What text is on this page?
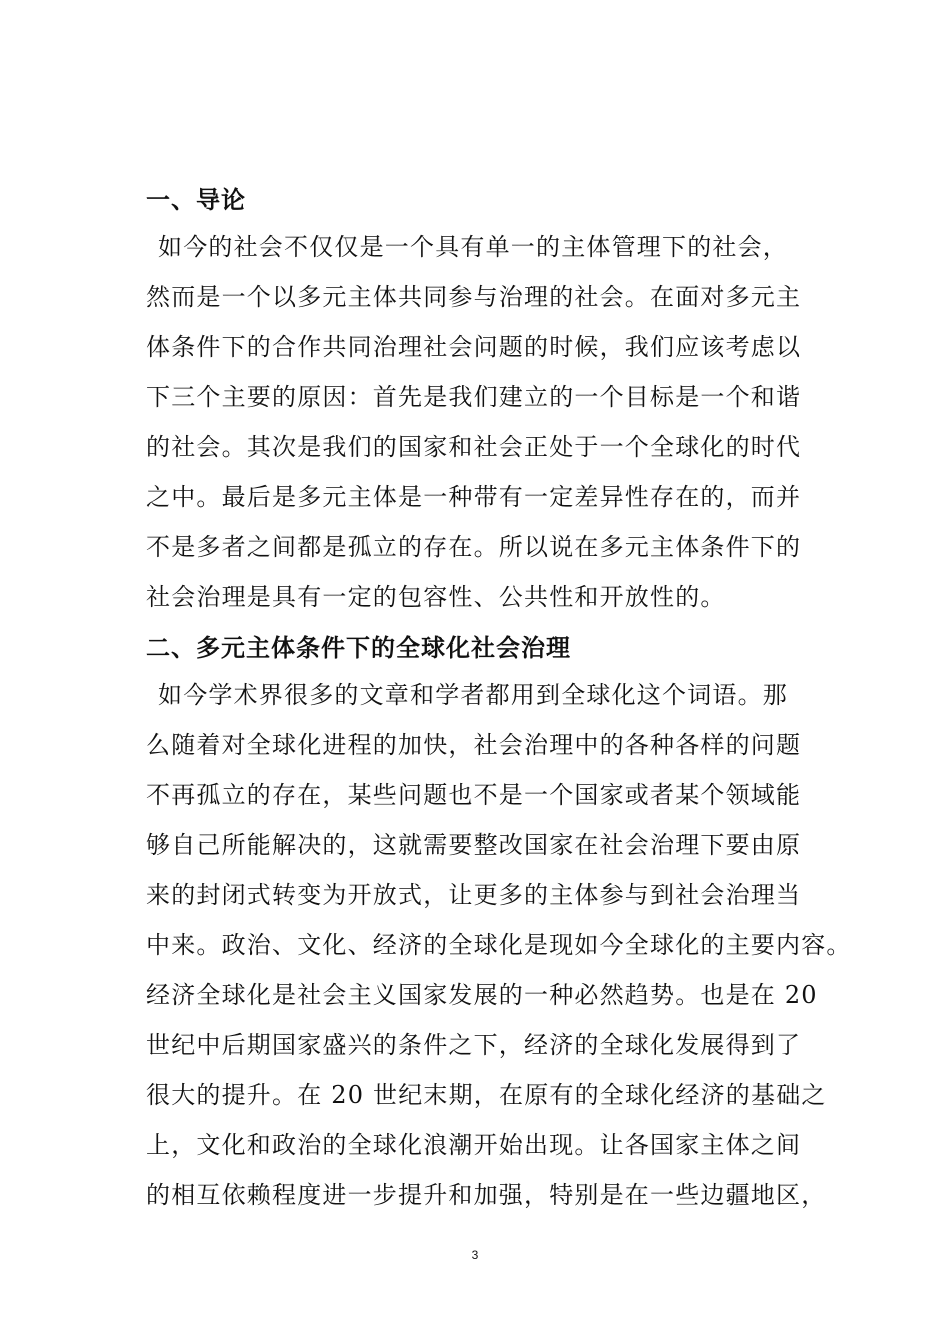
一、导论
如今的社会不仅仅是一个具有单一的主体管理下的社会，
然而是一个以多元主体共同参与治理的社会。在面对多元主
体条件下的合作共同治理社会问题的时候，我们应该考虑以
下三个主要的原因：首先是我们建立的一个目标是一个和谐
的社会。其次是我们的国家和社会正处于一个全球化的时代
之中。最后是多元主体是一种带有一定差异性存在的，而并
不是多者之间都是孤立的存在。所以说在多元主体条件下的
社会治理是具有一定的包容性、公共性和开放性的。
二、多元主体条件下的全球化社会治理
如今学术界很多的文章和学者都用到全球化这个词语。那
么随着对全球化进程的加快，社会治理中的各种各样的问题
不再孤立的存在，某些问题也不是一个国家或者某个领域能
够自己所能解决的，这就需要整改国家在社会治理下要由原
来的封闭式转变为开放式，让更多的主体参与到社会治理当
中来。政治、文化、经济的全球化是现如今全球化的主要内容。
经济全球化是社会主义国家发展的一种必然趋势。也是在 20
世纪中后期国家盛兴的条件之下，经济的全球化发展得到了
很大的提升。在 20 世纪末期，在原有的全球化经济的基础之
上，文化和政治的全球化浪潮开始出现。让各国家主体之间
的相互依赖程度进一步提升和加强，特别是在一些边疆地区，
3
